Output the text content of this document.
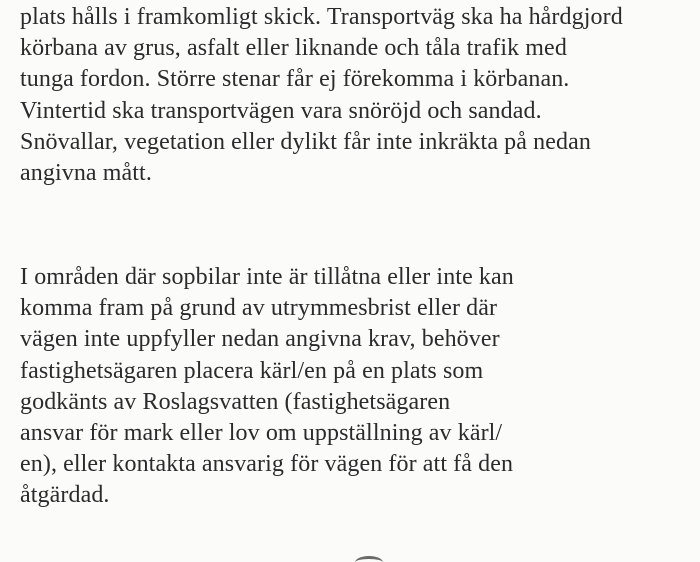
plats hålls i framkomligt skick. Transportväg ska ha hårdgjord
körbana av grus, asfalt eller liknande och tåla trafik med
tunga fordon. Större stenar får ej förekomma i körbanan.
Vintertid ska transportvägen vara snöröjd och sandad.
Snövallar, vegetation eller dylikt får inte inkräkta på nedan
angivna mått.

I områden där sopbilar inte är tillåtna eller inte kan
komma fram på grund av utrymmesbrist eller där
vägen inte uppfyller nedan angivna krav, behöver
fastighetsägaren placera kärl/en på en plats som
godkänts av Roslagsvatten (fastighetsägaren
ansvar för mark eller lov om uppställning av kärl/
en), eller kontakta ansvarig för vägen för att få den
åtgärdad.
